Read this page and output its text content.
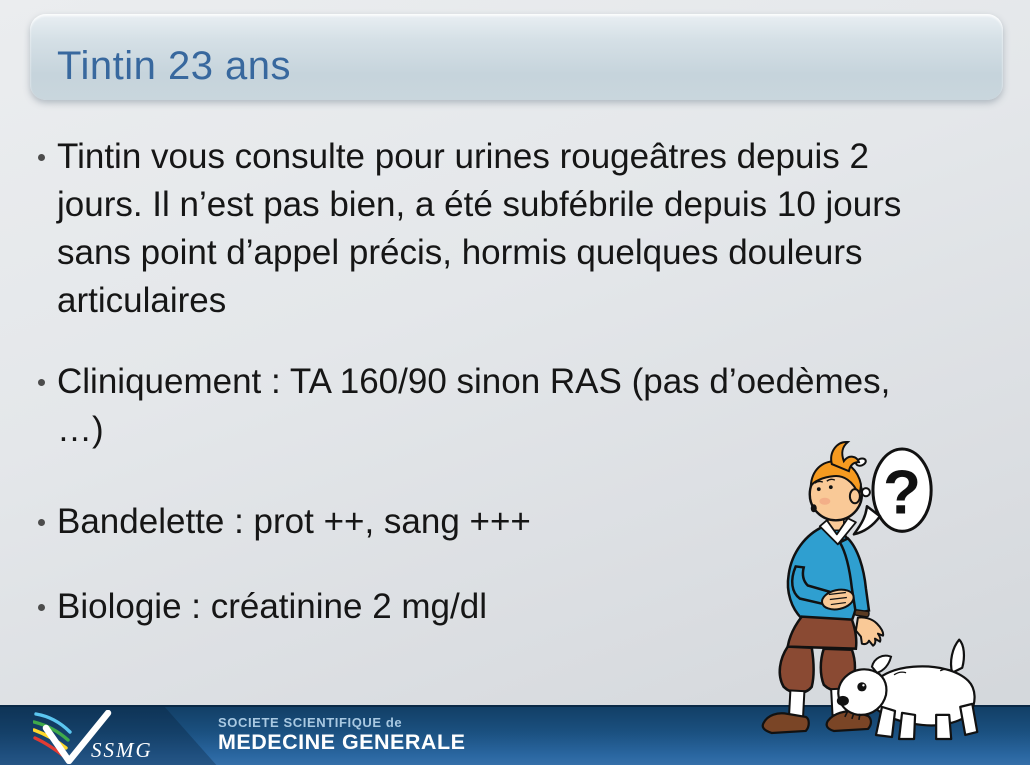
Tintin 23 ans
Tintin vous consulte pour urines rougeâtres depuis 2
jours. Il n’est pas bien, a été subfébrile depuis 10 jours
sans point d’appel précis, hormis quelques douleurs
articulaires
Cliniquement : TA 160/90 sinon RAS (pas d’oedèmes,
…)
Bandelette : prot ++, sang +++
Biologie : créatinine 2 mg/dl
SSMG

SOCIETE SCIENTIFIQUE de

MEDECINE GENERALE

?
